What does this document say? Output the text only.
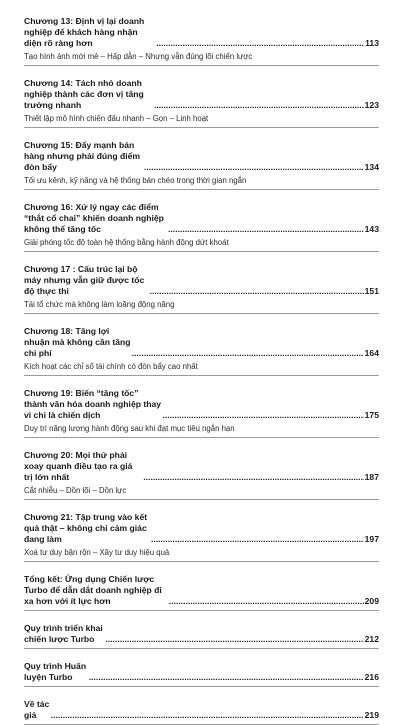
Chương 13: Định vị lại doanh nghiệp để khách hàng nhận diện rõ ràng hơn .....	113
Tạo hình ảnh mới mẻ – Hấp dẫn – Nhưng vẫn đúng lõi chiến lược
Chương 14: Tách nhỏ doanh nghiệp thành các đơn vị tăng trưởng nhanh .....	123
Thiết lập mô hình chiến đấu nhanh – Gọn – Linh hoạt
Chương 15: Đẩy mạnh bán hàng nhưng phải đúng điểm đòn bẩy .....	134
Tối ưu kênh, kỹ năng và hệ thống bán chéo trong thời gian ngắn
Chương 16: Xử lý ngay các điểm “thắt cổ chai” khiến doanh nghiệp không thể tăng tốc .....	143
Giải phóng tốc độ toàn hệ thống bằng hành động dứt khoát
Chương 17 : Cấu trúc lại bộ máy nhưng vẫn giữ được tốc độ thực thi .....	151
Tái tổ chức mà không làm loãng động năng
Chương 18: Tăng lợi nhuận mà không cần tăng chi phí .....	164
Kích hoạt các chỉ số tài chính có đòn bẩy cao nhất
Chương 19: Biến “tăng tốc” thành văn hóa doanh nghiệp thay vì chỉ là chiến dịch .....	175
Duy trì năng lượng hành động sau khi đạt mục tiêu ngắn hạn
Chương 20: Mọi thứ phải xoay quanh điều tạo ra giá trị lớn nhất .....	187
Cắt nhiễu – Dồn lõi – Dồn lực
Chương 21: Tập trung vào kết quả thật – không chỉ cảm giác đang làm .....	197
Xoá tư duy bận rộn – Xây tư duy hiệu quả
Tổng kết: Ứng dụng Chiến lược Turbo để dẫn dắt doanh nghiệp đi xa hơn với ít lực hơn .....	209
Quy trình triển khai chiến lược Turbo .....	212
Quy trình Huấn luyện Turbo .....	216
Về tác giả .....	219
